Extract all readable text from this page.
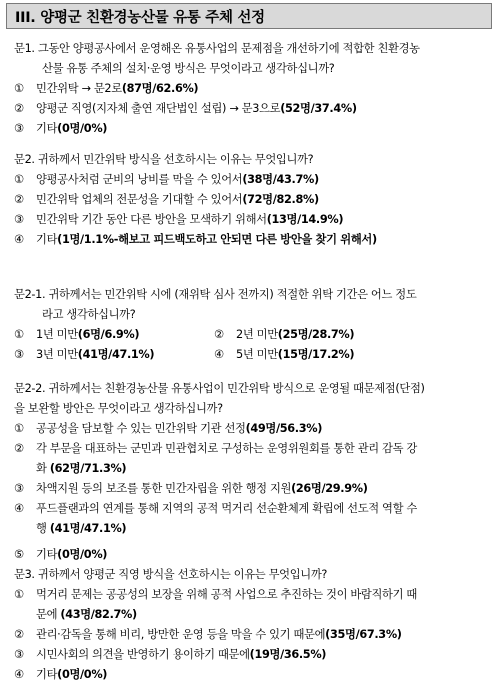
III. 양평군 친환경농산물 유통 주체 선정
문1. 그동안 양평공사에서 운영해온 유통사업의 문제점을 개선하기에 적합한 친환경농
산물 유통 주체의 설치·운영 방식은 무엇이라고 생각하십니까?
①	민간위탁 → 문2로 (87명/62.6%)
②	양평군 직영(지자체 출연 재단법인 설립) → 문3으로 (52명/37.4%)
③	기타 (0명/0%)
문2. 귀하께서 민간위탁 방식을 선호하시는 이유는 무엇입니까?
①	양평공사처럼 군비의 낭비를 막을 수 있어서 (38명/43.7%)
②	민간위탁 업체의 전문성을 기대할 수 있어서 (72명/82.8%)
③	민간위탁 기간 동안 다른 방안을 모색하기 위해서 (13명/14.9%)
④	기타 (1명/1.1%-해보고 피드백도하고 안되면 다른 방안을 찾기 위해서)
문2-1. 귀하께서는 민간위탁 시에 (재위탁 심사 전까지) 적절한 위탁 기간은 어느 정도
라고 생각하십니까?
①	1년 미만 (6명/6.9%)	②	2년 미만 (25명/28.7%)
③	3년 미만 (41명/47.1%)	④	5년 미만 (15명/17.2%)
문2-2. 귀하께서는 친환경농산물 유통사업이 민간위탁 방식으로 운영될 때문제점(단점)
을 보완할 방안은 무엇이라고 생각하십니까?
①	공공성을 담보할 수 있는 민간위탁 기관 선정 (49명/56.3%)
②	각 부문을 대표하는 군민과 민관협치로 구성하는 운영위원회를 통한 관리 감독 강
화 (62명/71.3%)
③	차액지원 등의 보조를 통한 민간자립을 위한 행정 지원 (26명/29.9%)
④	푸드플랜과의 연계를 통해 지역의 공적 먹거리 선순환체계 확립에 선도적 역할 수
행 (41명/47.1%)
⑤	기타 (0명/0%)
문3. 귀하께서 양평군 직영 방식을 선호하시는 이유는 무엇입니까?
①	먹거리 문제는 공공성의 보장을 위해 공적 사업으로 추진하는 것이 바람직하기 때
문에 (43명/82.7%)
②	관리·감독을 통해 비리, 방만한 운영 등을 막을 수 있기 때문에 (35명/67.3%)
③	시민사회의 의견을 반영하기 용이하기 때문에 (19명/36.5%)
④	기타 (0명/0%)
